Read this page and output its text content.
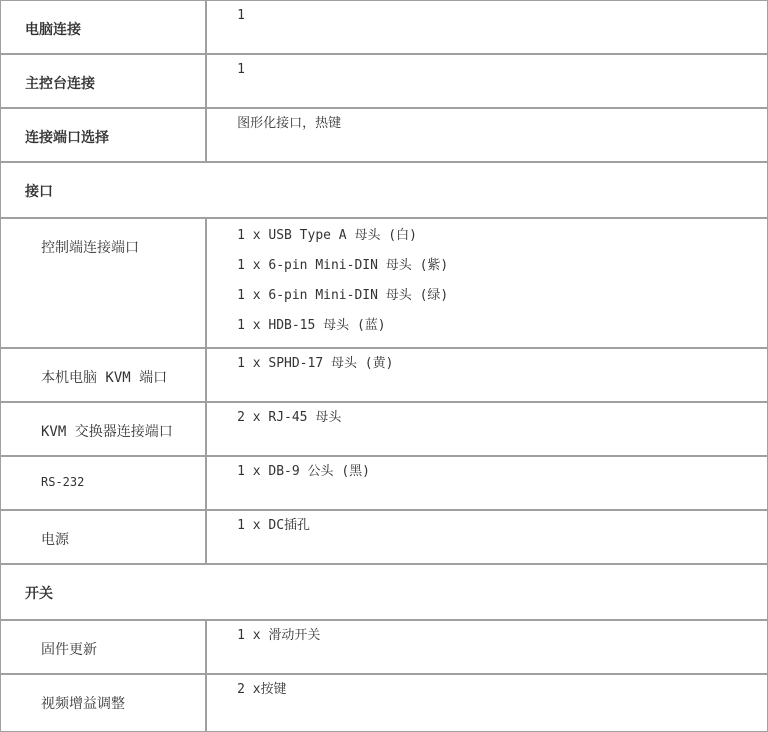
电脑连接	1

主控台连接	1

连接端口选择	图形化接口，热键

接口	

控制端连接端口	1 x USB Type A 母头 (白)
1 x 6-pin Mini-DIN 母头 (紫)
1 x 6-pin Mini-DIN 母头 (绿)
1 x HDB-15 母头 (蓝)

本机电脑 KVM 端口	1 x SPHD-17 母头 (黄)

KVM 交换器连接端口	2 x RJ-45 母头

RS-232	1 x DB-9 公头 (黑)

电源	1 x DC插孔

开关	

固件更新	1 x 滑动开关

视频增益调整	2 x按键
